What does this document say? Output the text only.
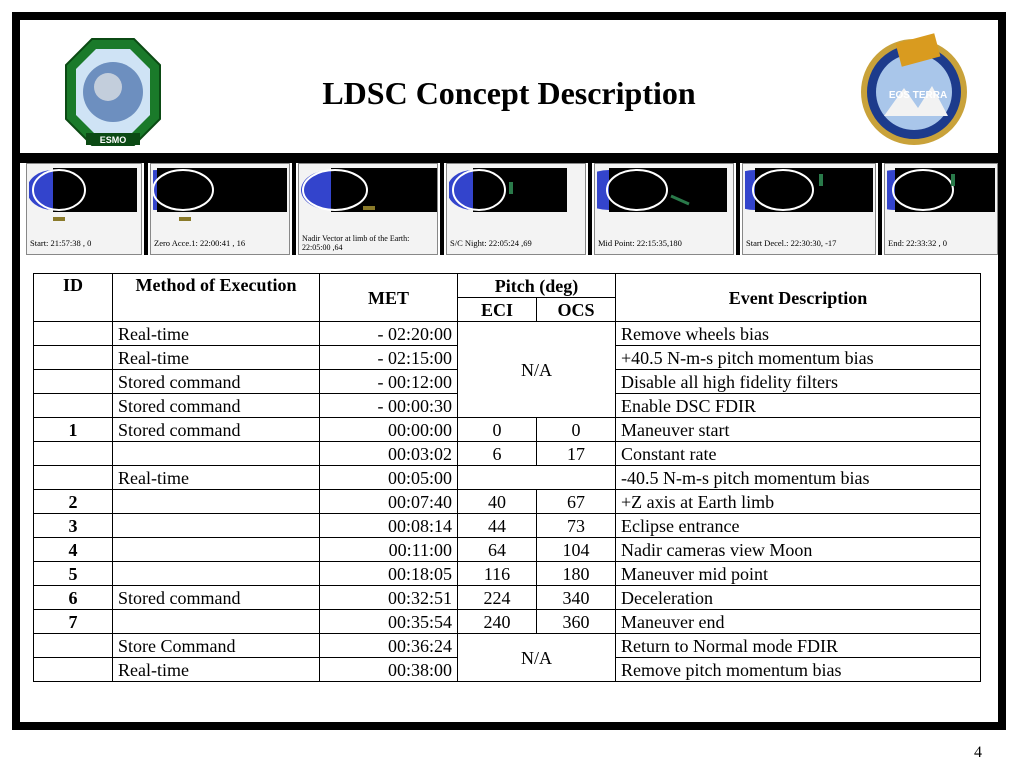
ESMO
LDSC Concept Description	EOS TERRA
Start: 21:57:38 , 0	Zero Acce.1: 22:00:41 , 16	Nadir Vector at limb of the Earth: 22:05:00 ,64	S/C Night: 22:05:24 ,69	Mid Point: 22:15:35,180	Start Decel.: 22:30:30, -17	End: 22:33:32 , 0
ID	Method of Execution	MET	Pitch (deg)		Event Description
			ECI	OCS	
	Real-time	- 02:20:00	N/A		Remove wheels bias
	Real-time	- 02:15:00			+40.5 N-m-s pitch momentum bias
	Stored command	- 00:12:00			Disable all high fidelity filters
	Stored command	- 00:00:30			Enable DSC FDIR
1	Stored command	00:00:00	0	0	Maneuver start
		00:03:02	6	17	Constant rate
	Real-time	00:05:00			-40.5 N-m-s pitch momentum bias
2		00:07:40	40	67	+Z axis at Earth limb
3		00:08:14	44	73	Eclipse entrance
4		00:11:00	64	104	Nadir cameras view Moon
5		00:18:05	116	180	Maneuver mid point
6	Stored command	00:32:51	224	340	Deceleration
7		00:35:54	240	360	Maneuver end
	Store Command	00:36:24	N/A		Return to Normal mode FDIR
	Real-time	00:38:00			Remove pitch momentum bias
4
